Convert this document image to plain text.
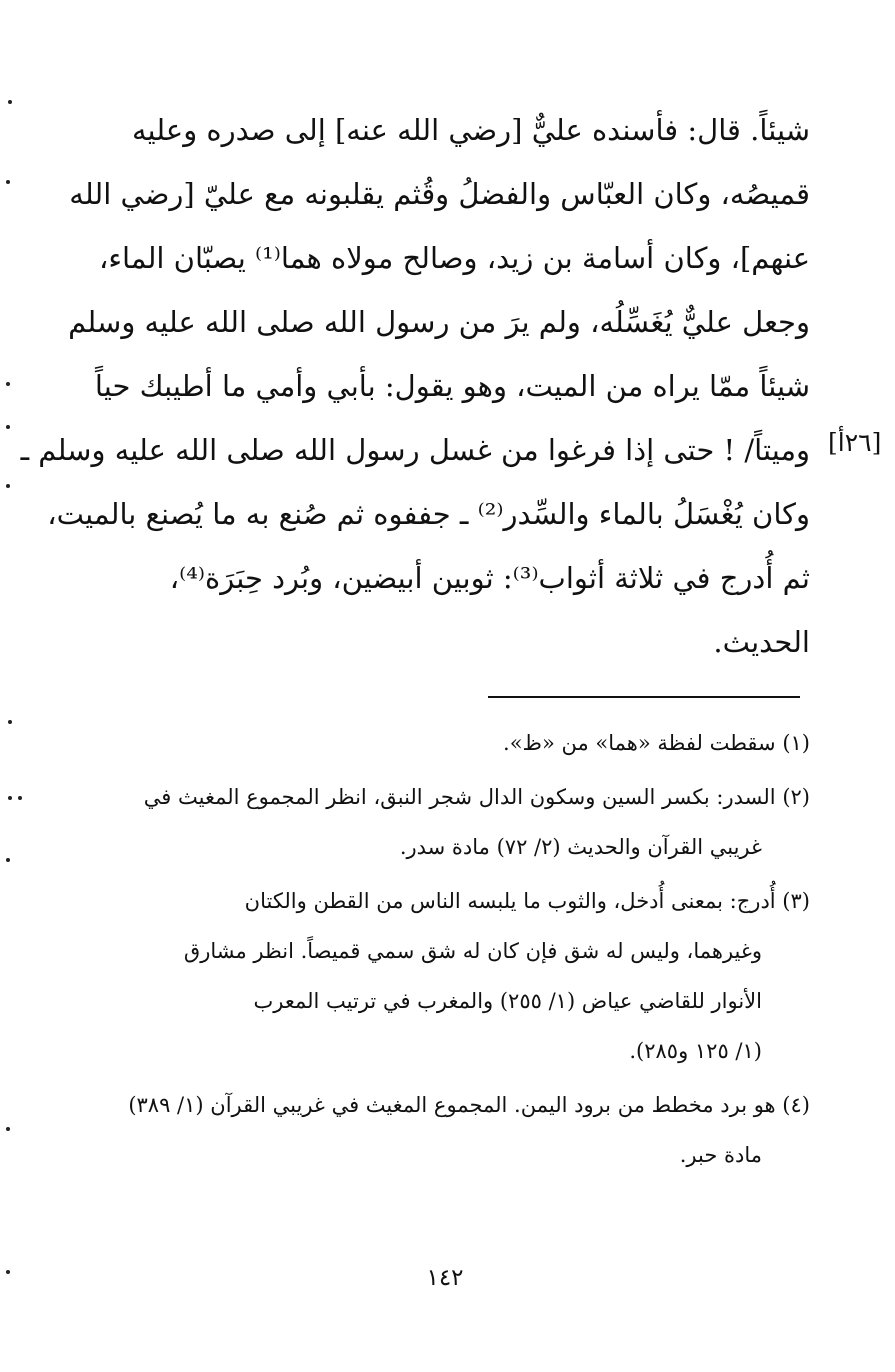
شيئاً. قال: فأسنده عليٌّ [رضي الله عنه] إلى صدره وعليه
قميصُه، وكان العبّاس والفضلُ وقُثم يقلبونه مع عليّ [رضي الله
عنهم]، وكان أسامة بن زيد، وصالح مولاه هما⁽¹⁾ يصبّان الماء،
وجعل عليٌّ يُغَسِّلُه، ولم يرَ من رسول الله صلى الله عليه وسلم
شيئاً ممّا يراه من الميت، وهو يقول: بأبي وأمي ما أطيبك حياً
وميتاً/ ! حتى إذا فرغوا من غسل رسول الله صلى الله عليه وسلم ـ
وكان يُغْسَلُ بالماء والسِّدر⁽²⁾ ـ جففوه ثم صُنع به ما يُصنع بالميت،
ثم أُدرج في ثلاثة أثواب⁽³⁾: ثوبين أبيضين، وبُرد حِبَرَة⁽⁴⁾،
الحديث.
[٢٦أ]
(١) سقطت لفظة «هما» من «ظ».
(٢) السدر: بكسر السين وسكون الدال شجر النبق، انظر المجموع المغيث في
غريبي القرآن والحديث (٢/ ٧٢) مادة سدر.
(٣) أُدرج: بمعنى أُدخل، والثوب ما يلبسه الناس من القطن والكتان
وغيرهما، وليس له شق فإن كان له شق سمي قميصاً. انظر مشارق
الأنوار للقاضي عياض (١/ ٢٥٥) والمغرب في ترتيب المعرب
(١/ ١٢٥ و٢٨٥).
(٤) هو برد مخطط من برود اليمن. المجموع المغيث في غريبي القرآن (١/ ٣٨٩)
مادة حبر.
١٤٢
